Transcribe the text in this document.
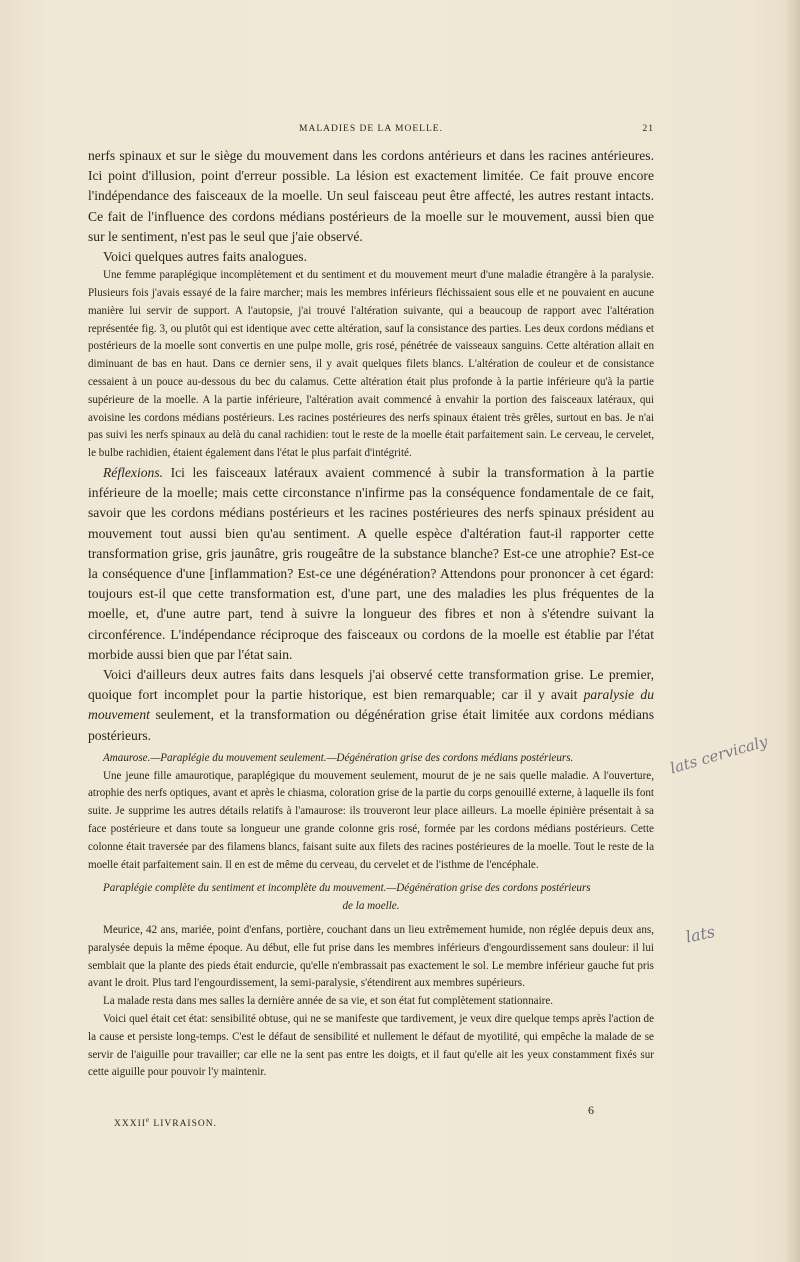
MALADIES DE LA MOELLE.	21

nerfs spinaux et sur le siège du mouvement dans les cordons antérieurs et dans les racines antérieures. Ici point d'illusion, point d'erreur possible. La lésion est exactement limitée. Ce fait prouve encore l'indépendance des faisceaux de la moelle. Un seul faisceau peut être affecté, les autres restant intacts. Ce fait de l'influence des cordons médians postérieurs de la moelle sur le mouvement, aussi bien que sur le sentiment, n'est pas le seul que j'aie observé.

Voici quelques autres faits analogues.

Une femme paraplégique incomplètement et du sentiment et du mouvement meurt d'une maladie étrangère à la paralysie. Plusieurs fois j'avais essayé de la faire marcher; mais les membres inférieurs fléchissaient sous elle et ne pouvaient en aucune manière lui servir de support. A l'autopsie, j'ai trouvé l'altération suivante, qui a beaucoup de rapport avec l'altération représentée fig. 3, ou plutôt qui est identique avec cette altération, sauf la consistance des parties. Les deux cordons médians et postérieurs de la moelle sont convertis en une pulpe molle, gris rosé, pénétrée de vaisseaux sanguins. Cette altération allait en diminuant de bas en haut. Dans ce dernier sens, il y avait quelques filets blancs. L'altération de couleur et de consistance cessaient à un pouce au-dessous du bec du calamus. Cette altération était plus profonde à la partie inférieure qu'à la partie supérieure de la moelle. A la partie inférieure, l'altération avait commencé à envahir la portion des faisceaux latéraux, qui avoisine les cordons médians postérieurs. Les racines postérieures des nerfs spinaux étaient très grêles, surtout en bas. Je n'ai pas suivi les nerfs spinaux au delà du canal rachidien: tout le reste de la moelle était parfaitement sain. Le cerveau, le cervelet, le bulbe rachidien, étaient également dans l'état le plus parfait d'intégrité.

Réflexions. Ici les faisceaux latéraux avaient commencé à subir la transformation à la partie inférieure de la moelle; mais cette circonstance n'infirme pas la conséquence fondamentale de ce fait, savoir que les cordons médians postérieurs et les racines postérieures des nerfs spinaux président au mouvement tout aussi bien qu'au sentiment. A quelle espèce d'altération faut-il rapporter cette transformation grise, gris jaunâtre, gris rougeâtre de la substance blanche? Est-ce une atrophie? Est-ce la conséquence d'une [inflammation? Est-ce une dégénération? Attendons pour prononcer à cet égard: toujours est-il que cette transformation est, d'une part, une des maladies les plus fréquentes de la moelle, et, d'une autre part, tend à suivre la longueur des fibres et non à s'étendre suivant la circonférence. L'indépendance réciproque des faisceaux ou cordons de la moelle est établie par l'état morbide aussi bien que par l'état sain.

Voici d'ailleurs deux autres faits dans lesquels j'ai observé cette transformation grise. Le premier, quoique fort incomplet pour la partie historique, est bien remarquable; car il y avait paralysie du mouvement seulement, et la transformation ou dégénération grise était limitée aux cordons médians postérieurs.

Amaurose.—Paraplégie du mouvement seulement.—Dégénération grise des cordons médians postérieurs.

Une jeune fille amaurotique, paraplégique du mouvement seulement, mourut de je ne sais quelle maladie. A l'ouverture, atrophie des nerfs optiques, avant et après le chiasma, coloration grise de la partie du corps genouillé externe, à laquelle ils font suite. Je supprime les autres détails relatifs à l'amaurose: ils trouveront leur place ailleurs. La moelle épinière présentait à sa face postérieure et dans toute sa longueur une grande colonne gris rosé, formée par les cordons médians postérieurs. Cette colonne était traversée par des filamens blancs, faisant suite aux filets des racines postérieures de la moelle. Tout le reste de la moelle était parfaitement sain. Il en est de même du cerveau, du cervelet et de l'isthme de l'encéphale.

Paraplégie complète du sentiment et incomplète du mouvement.—Dégénération grise des cordons postérieurs

de la moelle.

Meurice, 42 ans, mariée, point d'enfans, portière, couchant dans un lieu extrêmement humide, non réglée depuis deux ans, paralysée depuis la même époque. Au début, elle fut prise dans les membres inférieurs d'engourdissement sans douleur: il lui semblait que la plante des pieds était endurcie, qu'elle n'embrassait pas exactement le sol. Le membre inférieur gauche fut pris avant le droit. Plus tard l'engourdissement, la semi-paralysie, s'étendirent aux membres supérieurs.

La malade resta dans mes salles la dernière année de sa vie, et son état fut complètement stationnaire.

Voici quel était cet état: sensibilité obtuse, qui ne se manifeste que tardivement, je veux dire quelque temps après l'action de la cause et persiste long-temps. C'est le défaut de sensibilité et nullement le défaut de myotilité, qui empêche la malade de se servir de l'aiguille pour travailler; car elle ne la sent pas entre les doigts, et il faut qu'elle ait les yeux constamment fixés sur cette aiguille pour pouvoir l'y maintenir.

XXXIIe LIVRAISON.
6
lats cervicaly
lats
